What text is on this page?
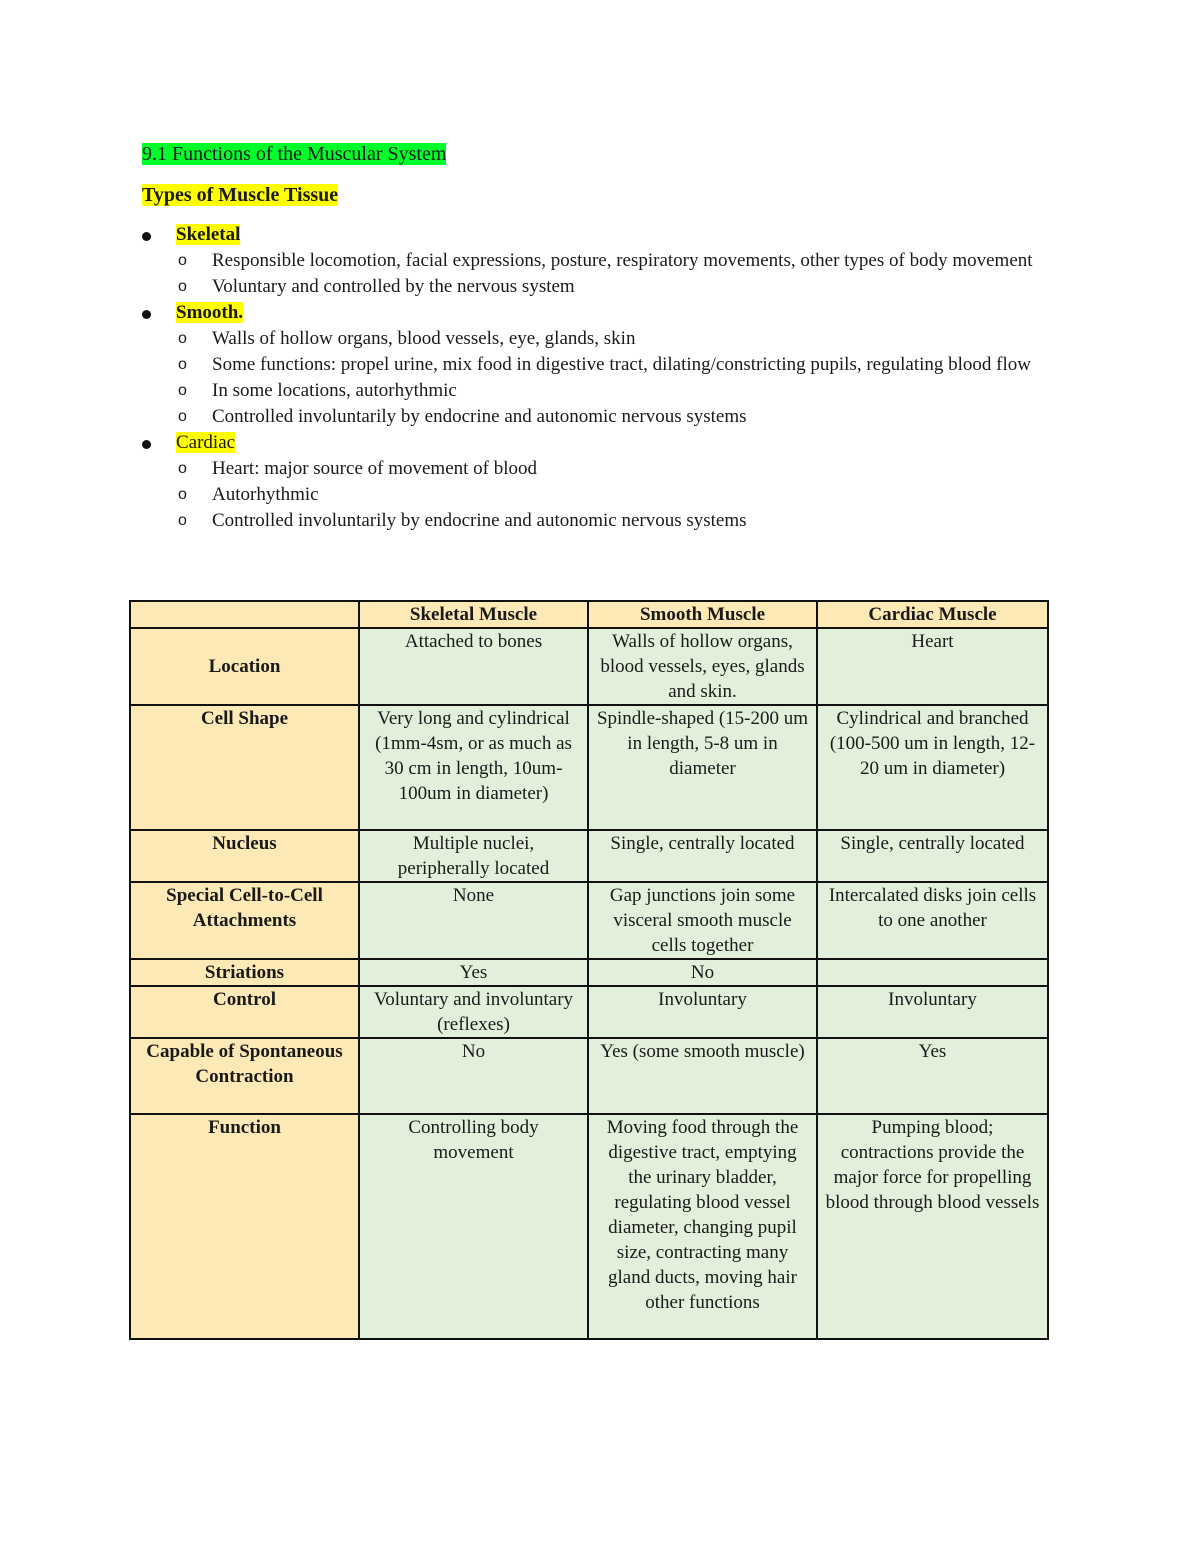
9.1 Functions of the Muscular System
Types of Muscle Tissue
Skeletal
o Responsible locomotion, facial expressions, posture, respiratory movements, other types of body movement
o Voluntary and controlled by the nervous system
Smooth.
o Walls of hollow organs, blood vessels, eye, glands, skin
o Some functions: propel urine, mix food in digestive tract, dilating/constricting pupils, regulating blood flow
o In some locations, autorhythmic
o Controlled involuntarily by endocrine and autonomic nervous systems
Cardiac
o Heart: major source of movement of blood
o Autorhythmic
o Controlled involuntarily by endocrine and autonomic nervous systems
	Skeletal Muscle	Smooth Muscle	Cardiac Muscle
Location	Attached to bones	Walls of hollow organs, blood vessels, eyes, glands and skin.	Heart
Cell Shape	Very long and cylindrical (1mm-4sm, or as much as 30 cm in length, 10um-100um in diameter)	Spindle-shaped (15-200 um in length, 5-8 um in diameter	Cylindrical and branched (100-500 um in length, 12-20 um in diameter)
Nucleus	Multiple nuclei, peripherally located	Single, centrally located	Single, centrally located
Special Cell-to-Cell Attachments	None	Gap junctions join some visceral smooth muscle cells together	Intercalated disks join cells to one another
Striations	Yes	No	
Control	Voluntary and involuntary (reflexes)	Involuntary	Involuntary
Capable of Spontaneous Contraction	No	Yes (some smooth muscle)	Yes
Function	Controlling body movement	Moving food through the digestive tract, emptying the urinary bladder, regulating blood vessel diameter, changing pupil size, contracting many gland ducts, moving hair other functions	Pumping blood; contractions provide the major force for propelling blood through blood vessels
